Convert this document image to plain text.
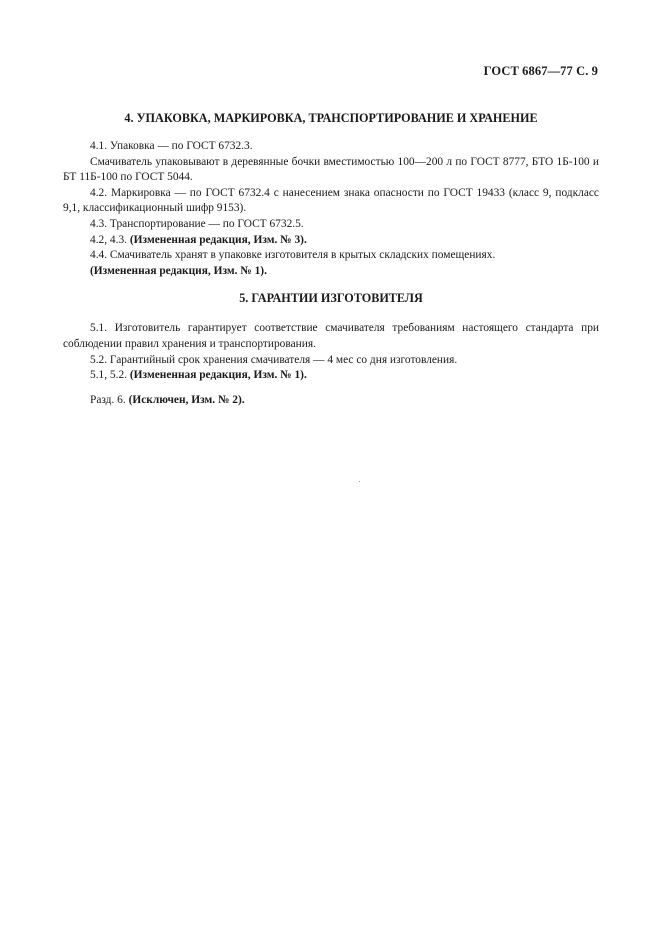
ГОСТ 6867—77 С. 9
4. УПАКОВКА, МАРКИРОВКА, ТРАНСПОРТИРОВАНИЕ И ХРАНЕНИЕ

4.1. Упаковка — по ГОСТ 6732.3.

Смачиватель упаковывают в деревянные бочки вместимостью 100—200 л по ГОСТ 8777, БТО 1Б-100 и БТ 11Б-100 по ГОСТ 5044.

4.2. Маркировка — по ГОСТ 6732.4 с нанесением знака опасности по ГОСТ 19433 (класс 9, подкласс 9,1, классификационный шифр 9153).

4.3. Транспортирование — по ГОСТ 6732.5.

4.2, 4.3. (Измененная редакция, Изм. № 3).

4.4. Смачиватель хранят в упаковке изготовителя в крытых складских помещениях.

(Измененная редакция, Изм. № 1).

5. ГАРАНТИИ ИЗГОТОВИТЕЛЯ

5.1. Изготовитель гарантирует соответствие смачивателя требованиям настоящего стандарта при соблюдении правил хранения и транспортирования.

5.2. Гарантийный срок хранения смачивателя — 4 мес со дня изготовления.

5.1, 5.2. (Измененная редакция, Изм. № 1).

Разд. 6. (Исключен, Изм. № 2).
